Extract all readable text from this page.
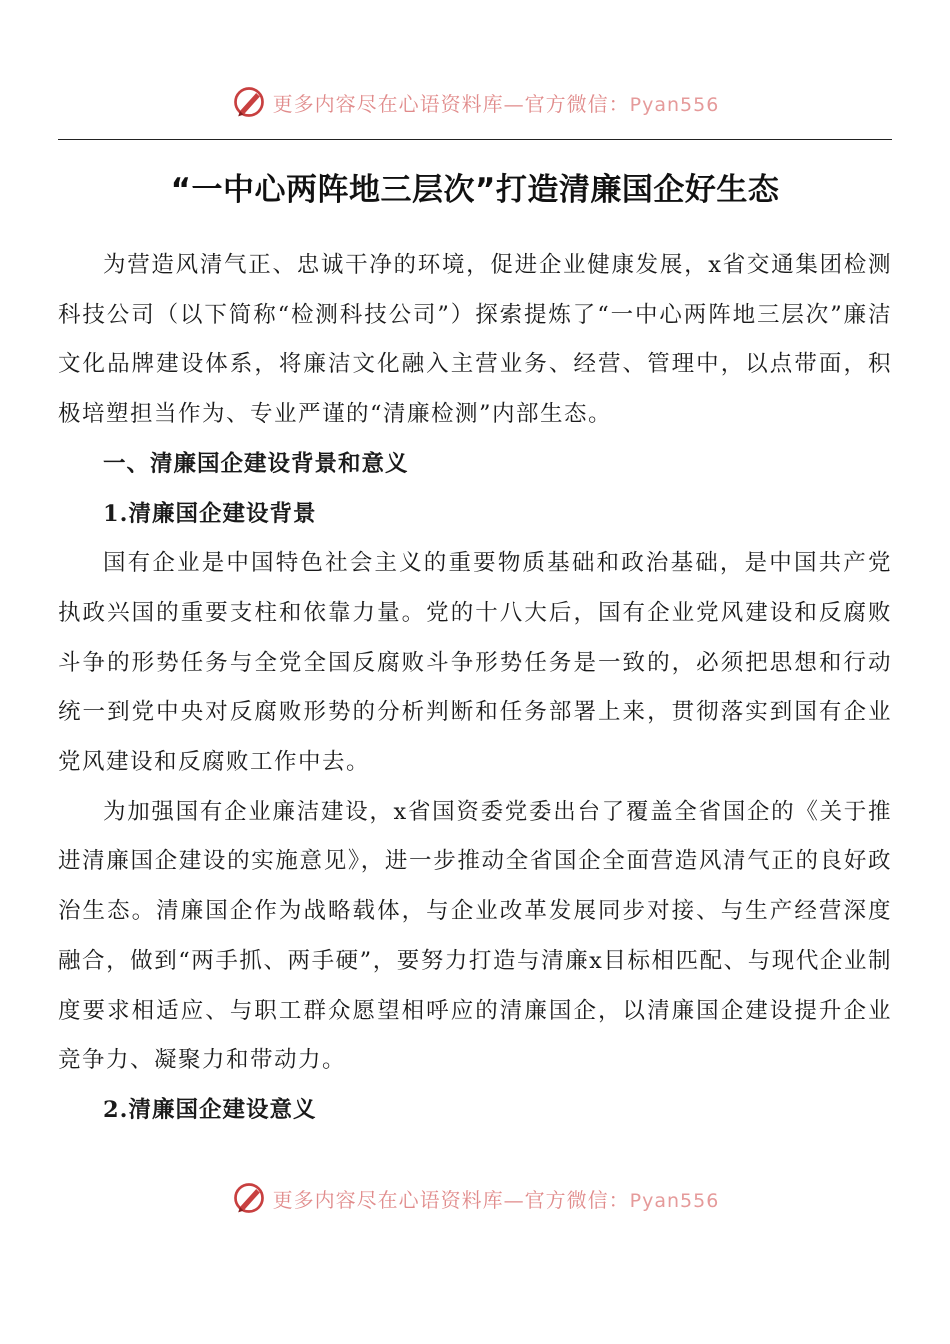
更多内容尽在心语资料库—官方微信：Pyan556
“一中心两阵地三层次”打造清廉国企好生态

为营造风清气正、忠诚干净的环境，促进企业健康发展，x省交通集团检测科技公司（以下简称“检测科技公司”）探索提炼了“一中心两阵地三层次”廉洁文化品牌建设体系，将廉洁文化融入主营业务、经营、管理中，以点带面，积极培塑担当作为、专业严谨的“清廉检测”内部生态。

一、清廉国企建设背景和意义
1.清廉国企建设背景

国有企业是中国特色社会主义的重要物质基础和政治基础，是中国共产党执政兴国的重要支柱和依靠力量。党的十八大后，国有企业党风建设和反腐败斗争的形势任务与全党全国反腐败斗争形势任务是一致的，必须把思想和行动统一到党中央对反腐败形势的分析判断和任务部署上来，贯彻落实到国有企业党风建设和反腐败工作中去。

为加强国有企业廉洁建设，x省国资委党委出台了覆盖全省国企的《关于推进清廉国企建设的实施意见》，进一步推动全省国企全面营造风清气正的良好政治生态。清廉国企作为战略载体，与企业改革发展同步对接、与生产经营深度融合，做到“两手抓、两手硬”，要努力打造与清廉x目标相匹配、与现代企业制度要求相适应、与职工群众愿望相呼应的清廉国企，以清廉国企建设提升企业竞争力、凝聚力和带动力。

2.清廉国企建设意义
更多内容尽在心语资料库—官方微信：Pyan556
